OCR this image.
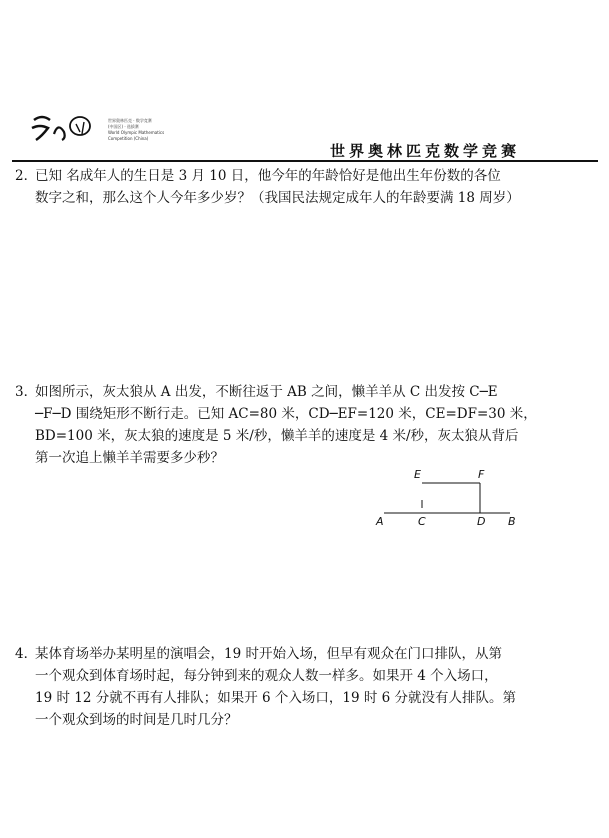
世界奥林匹克 · 数学竞赛
(中国区) · 选拔赛
World Olympic Mathematics
Competition (China)
世界奥林匹克数学竞赛
2．
已知 名成年人的生日是 3 月 10 日，他今年的年龄恰好是他出生年份数的各位
数字之和，那么这个人今年多少岁？（我国民法规定成年人的年龄要满 18 周岁）
3．
如图所示，灰太狼从 A 出发，不断往返于 AB 之间，懒羊羊从 C 出发按 C─E
─F─D 围绕矩形不断行走。已知 AC=80 米，CD─EF=120 米，CE=DF=30 米，
BD=100 米，灰太狼的速度是 5 米/秒，懒羊羊的速度是 4 米/秒，灰太狼从背后
第一次追上懒羊羊需要多少秒？
E	F
A	C	D B
4．
某体育场举办某明星的演唱会，19 时开始入场，但早有观众在门口排队，从第
一个观众到体育场时起，每分钟到来的观众人数一样多。如果开 4 个入场口，
19 时 12 分就不再有人排队；如果开 6 个入场口，19 时 6 分就没有人排队。第
一个观众到场的时间是几时几分？
